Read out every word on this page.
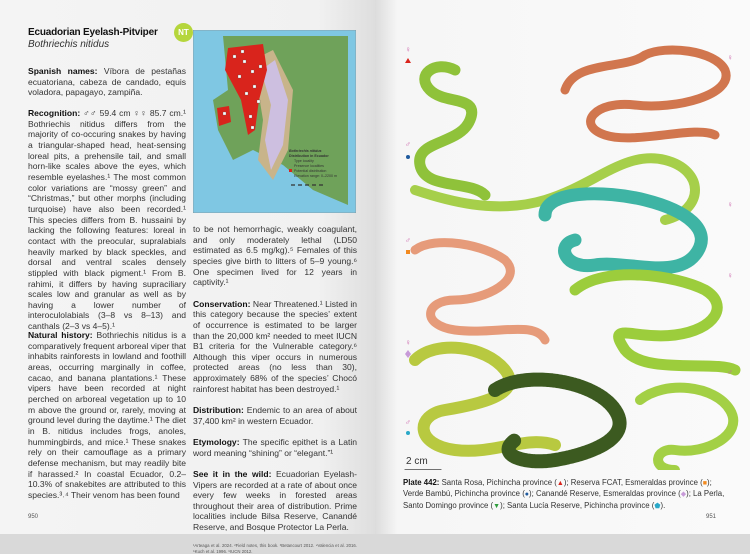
Ecuadorian Eyelash-Pitviper
Bothriechis nitidus
NT
Spanish names: Víbora de pestañas ecuatoriana, cabeza de candado, equis voladora, papagayo, zampiña.
Recognition: ♂♂ 59.4 cm ♀♀ 85.7 cm.¹ Bothriechis nitidus differs from the majority of co-occuring snakes by having a triangular-shaped head, heat-sensing loreal pits, a prehensile tail, and small horn-like scales above the eyes, which resemble eyelashes.¹ The most common color variations are “mossy green” and “Christmas,” but other morphs (including turquoise) have also been recorded.¹ This species differs from B. hussaini by lacking the following features: loreal in contact with the preocular, supralabials heavily marked by black speckles, and dorsal and ventral scales densely stippled with black pigment.¹ From B. rahimi, it differs by having supraciliary scales low and granular as well as by having a lower number of interoculolabials (3–8 vs 8–13) and canthals (2–3 vs 4–5).¹
Natural history: Bothriechis nitidus is a comparatively frequent arboreal viper that inhabits rainforests in lowland and foothill areas, occurring marginally in coffee, cacao, and banana plantations.¹ These vipers have been recorded at night perched on arboreal vegetation up to 10 m above the ground or, rarely, moving at ground level during the daytime.¹ The diet in B. nitidus includes frogs, anoles, hummingbirds, and mice.¹ These snakes rely on their camouflage as a primary defense mechanism, but may readily bite if harassed.² In coastal Ecuador, 0.2–10.3% of snakebites are attributed to this species.³˒⁴ Their venom has been found
Bothriechis nitidus
Distribution in Ecuador
Type locality
Presence localities
Potential distribution
Elevation range: 0–2200 m

to be not hemorrhagic, weakly coagulant, and only moderately lethal (LD50 estimated as 6.5 mg/kg).⁵ Females of this species give birth to litters of 5–9 young.⁶ One specimen lived for 12 years in captivity.¹

Conservation: Near Threatened.¹ Listed in this category because the species’ extent of occurrence is estimated to be larger than the 20,000 km² needed to meet IUCN B1 criteria for the Vulnerable category.⁶ Although this viper occurs in numerous protected areas (no less than 30), approximately 68% of the species’ Chocó rainforest habitat has been destroyed.¹

Distribution: Endemic to an area of about 37,400 km² in western Ecuador.

Etymology: The specific epithet is a Latin word meaning “shining” or “elegant.”¹

See it in the wild: Ecuadorian Eyelash-Vipers are recorded at a rate of about once every few weeks in forested areas throughout their area of distribution. Prime localities include Bilsa Reserve, Canandé Reserve, and Bosque Protector La Perla.

¹Arteaga et al. 2024. ²Field notes, this book. ³Betancourt 2012. ⁴Valencia et al. 2016. ⁵Kuch et al. 1996. ⁶IUCN 2012.
950
♀
♂
♀
♀
♂
♀
♀
♂
♂
2 cm
Plate 442: Santa Rosa, Pichincha province (▲); Reserva FCAT, Esmeraldas province (■); Verde Bambú, Pichincha province (●); Canandé Reserve, Esmeraldas province (◆); La Perla, Santo Domingo province (▼); Santa Lucía Reserve, Pichincha province (⬟).
951
